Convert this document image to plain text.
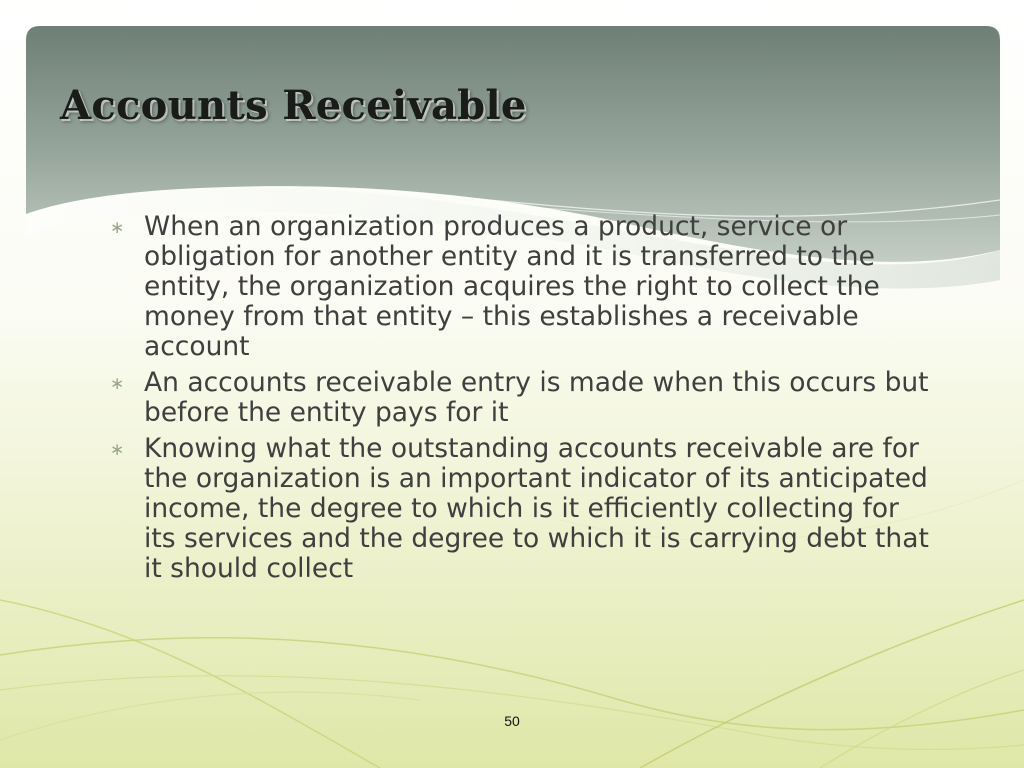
Accounts Receivable
∗ When an organization produces a product, service or obligation for another entity and it is transferred to the entity, the organization acquires the right to collect the money from that entity – this establishes a receivable account
∗ An accounts receivable entry is made when this occurs but before the entity pays for it
∗ Knowing what the outstanding accounts receivable are for the organization is an important indicator of its anticipated income, the degree to which is it efficiently collecting for its services and the degree to which it is carrying debt that it should collect
50
